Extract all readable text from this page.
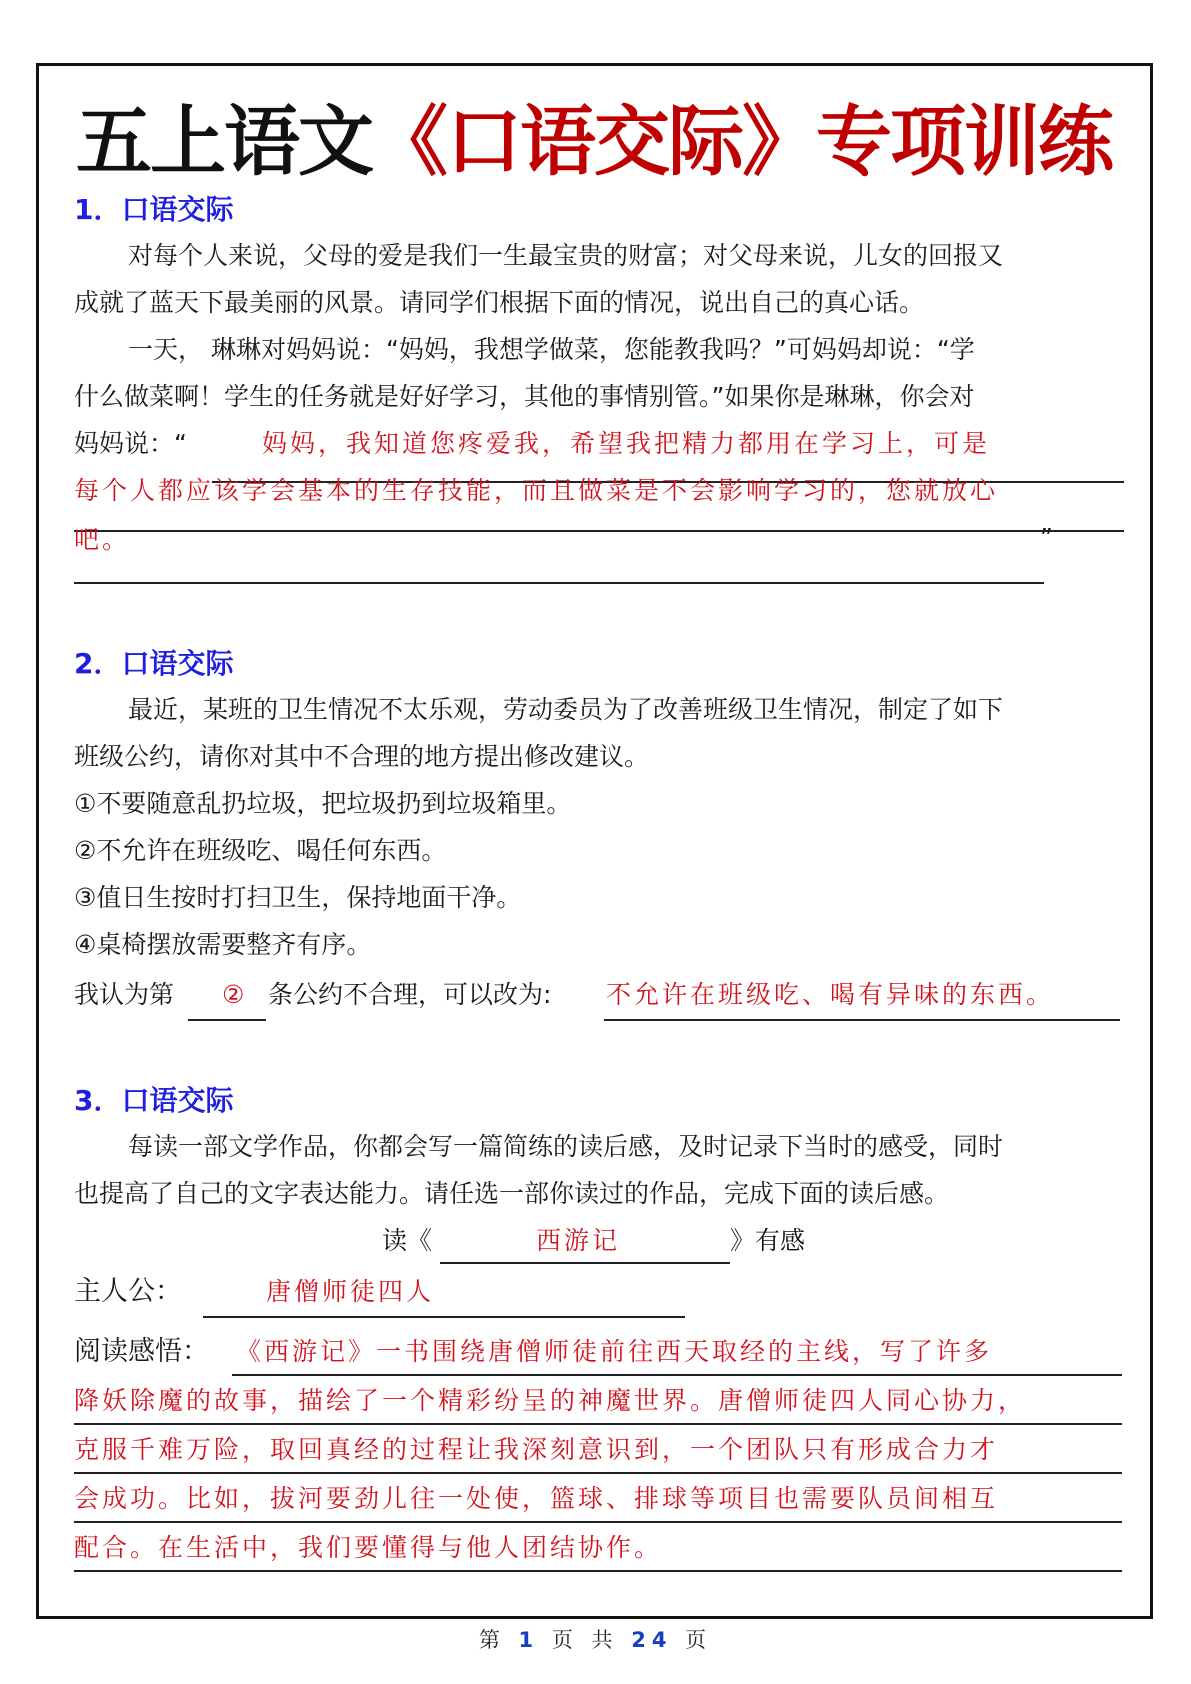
五上语文《口语交际》专项训练
1．口语交际
对每个人来说，父母的爱是我们一生最宝贵的财富；对父母来说，儿女的回报又
成就了蓝天下最美丽的风景。请同学们根据下面的情况，说出自己的真心话。
一天， 琳琳对妈妈说：“妈妈，我想学做菜，您能教我吗？”可妈妈却说：“学
什么做菜啊！学生的任务就是好好学习，其他的事情别管。”如果你是琳琳，你会对
妈妈说：“	妈妈，我知道您疼爱我，希望我把精力都用在学习上，可是
每个人都应该学会基本的生存技能，而且做菜是不会影响学习的，您就放心
吧。	”
2．口语交际
最近，某班的卫生情况不太乐观，劳动委员为了改善班级卫生情况，制定了如下
班级公约，请你对其中不合理的地方提出修改建议。
①不要随意乱扔垃圾，把垃圾扔到垃圾箱里。
②不允许在班级吃、喝任何东西。
③值日生按时打扫卫生，保持地面干净。
④桌椅摆放需要整齐有序。
我认为第 ② 条公约不合理，可以改为: 不允许在班级吃、喝有异味的东西。
3．口语交际
每读一部文学作品，你都会写一篇简练的读后感，及时记录下当时的感受，同时
也提高了自己的文字表达能力。请任选一部你读过的作品，完成下面的读后感。
读《	西游记	》有感
主人公：	唐僧师徒四人
阅读感悟： 《西游记》一书围绕唐僧师徒前往西天取经的主线，写了许多
降妖除魔的故事，描绘了一个精彩纷呈的神魔世界。唐僧师徒四人同心协力，
克服千难万险，取回真经的过程让我深刻意识到，一个团队只有形成合力才
会成功。比如，拔河要劲儿往一处使，篮球、排球等项目也需要队员间相互
配合。在生活中，我们要懂得与他人团结协作。
第 1 页 共 24 页
